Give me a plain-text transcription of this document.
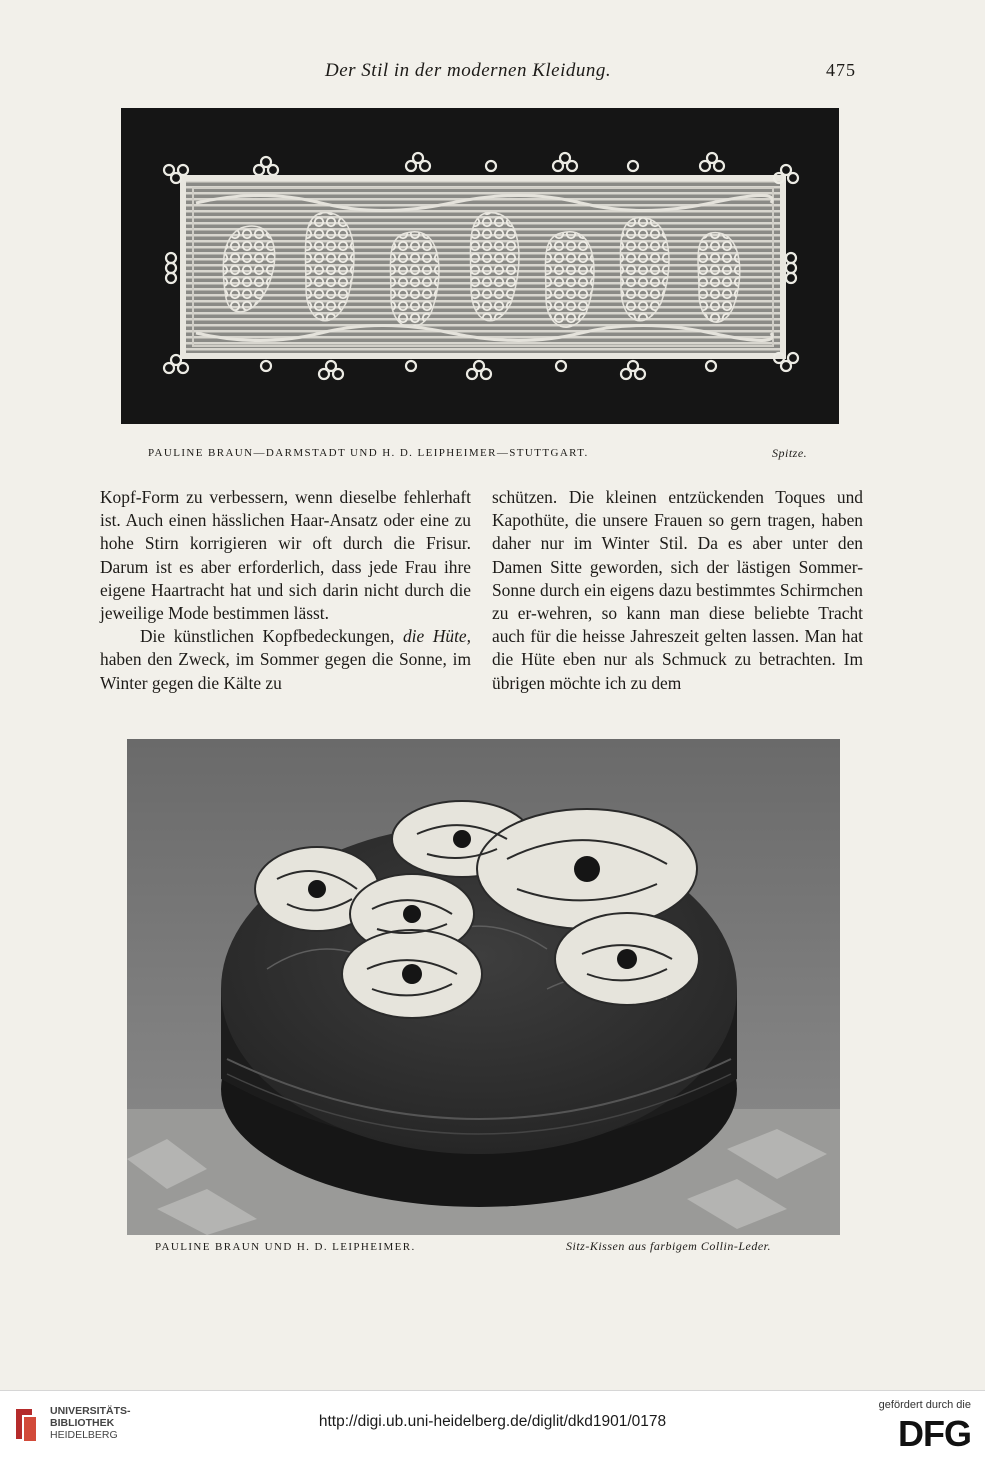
Der Stil in der modernen Kleidung.	475
PAULINE BRAUN—DARMSTADT UND H. D. LEIPHEIMER—STUTTGART.	Spitze.

Kopf-Form zu verbessern, wenn dieselbe fehlerhaft ist. Auch einen hässlichen Haar-Ansatz oder eine zu hohe Stirn korrigieren wir oft durch die Frisur. Darum ist es aber erforderlich, dass jede Frau ihre eigene Haartracht hat und sich darin nicht durch die jeweilige Mode bestimmen lässt.

Die künstlichen Kopfbedeckungen, die Hüte, haben den Zweck, im Sommer gegen die Sonne, im Winter gegen die Kälte zu

schützen. Die kleinen entzückenden Toques und Kapothüte, die unsere Frauen so gern tragen, haben daher nur im Winter Stil. Da es aber unter den Damen Sitte geworden, sich der lästigen Sommer-Sonne durch ein eigens dazu bestimmtes Schirmchen zu er-wehren, so kann man diese beliebte Tracht auch für die heisse Jahreszeit gelten lassen. Man hat die Hüte eben nur als Schmuck zu betrachten. Im übrigen möchte ich zu dem

PAULINE BRAUN UND H. D. LEIPHEIMER.	Sitz-Kissen aus farbigem Collin-Leder.
UNIVERSITÄTS-
BIBLIOTHEK
HEIDELBERG
http://digi.ub.uni-heidelberg.de/diglit/dkd1901/0178
gefördert durch die
DFG
